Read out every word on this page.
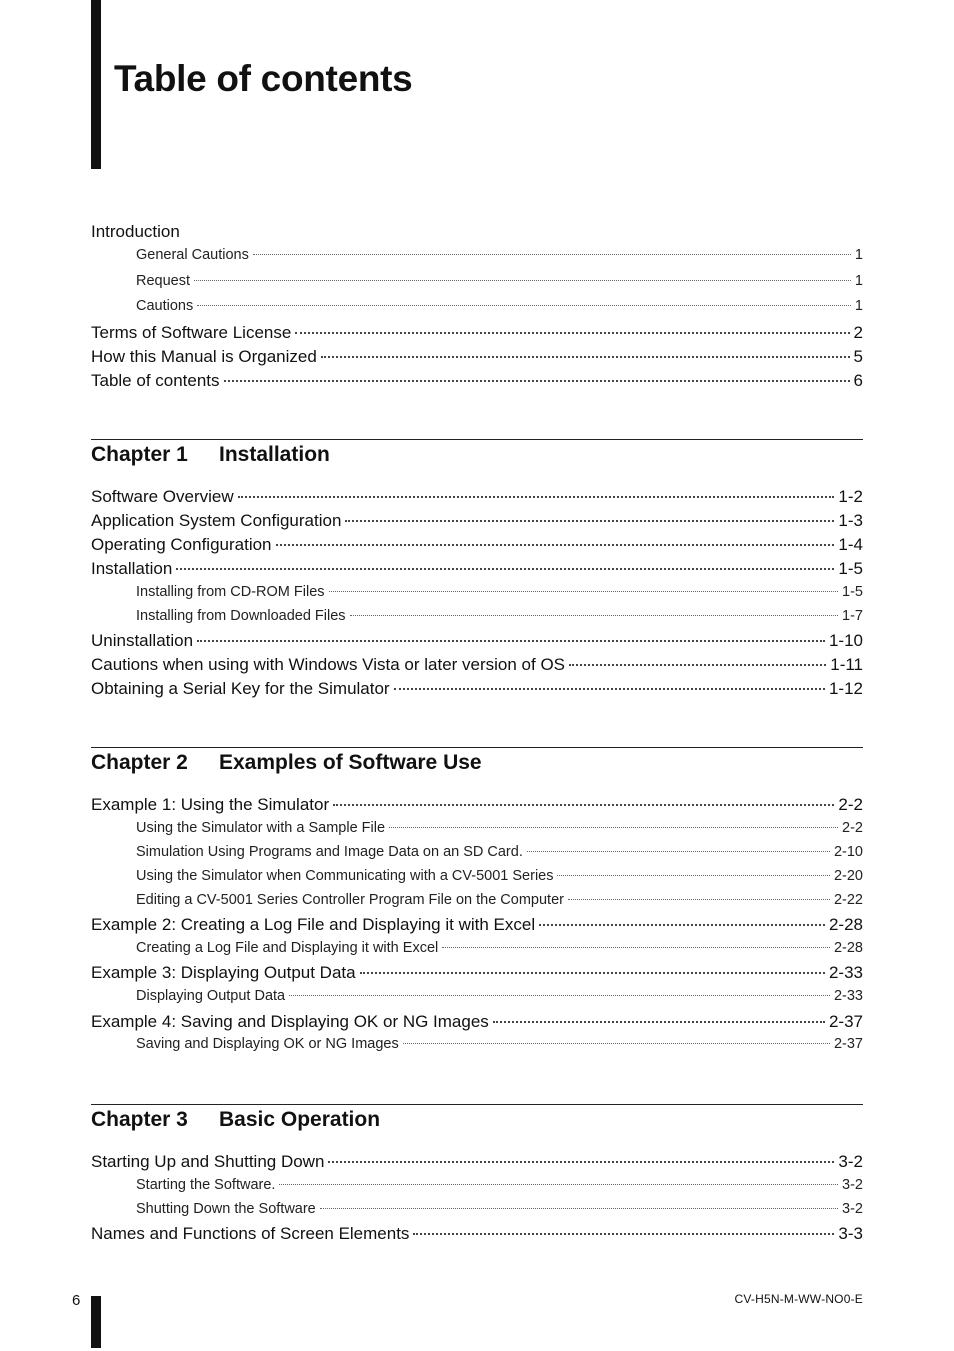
Table of contents
Introduction
General Cautions	1
Request	1
Cautions	1
Terms of Software License	2
How this Manual is Organized	5
Table of contents	6
Chapter 1 Installation
Software Overview	1-2
Application System Configuration	1-3
Operating Configuration	1-4
Installation	1-5
Installing from CD-ROM Files	1-5
Installing from Downloaded Files	1-7
Uninstallation	1-10
Cautions when using with Windows Vista or later version of OS	1-11
Obtaining a Serial Key for the Simulator	1-12
Chapter 2 Examples of Software Use
Example 1: Using the Simulator	2-2
Using the Simulator with a Sample File	2-2
Simulation Using Programs and Image Data on an SD Card.	2-10
Using the Simulator when Communicating with a CV-5001 Series	2-20
Editing a CV-5001 Series Controller Program File on the Computer	2-22
Example 2: Creating a Log File and Displaying it with Excel	2-28
Creating a Log File and Displaying it with Excel	2-28
Example 3: Displaying Output Data	2-33
Displaying Output Data	2-33
Example 4: Saving and Displaying OK or NG Images	2-37
Saving and Displaying OK or NG Images	2-37
Chapter 3 Basic Operation
Starting Up and Shutting Down	3-2
Starting the Software.	3-2
Shutting Down the Software	3-2
Names and Functions of Screen Elements	3-3
6	CV-H5N-M-WW-NO0-E
